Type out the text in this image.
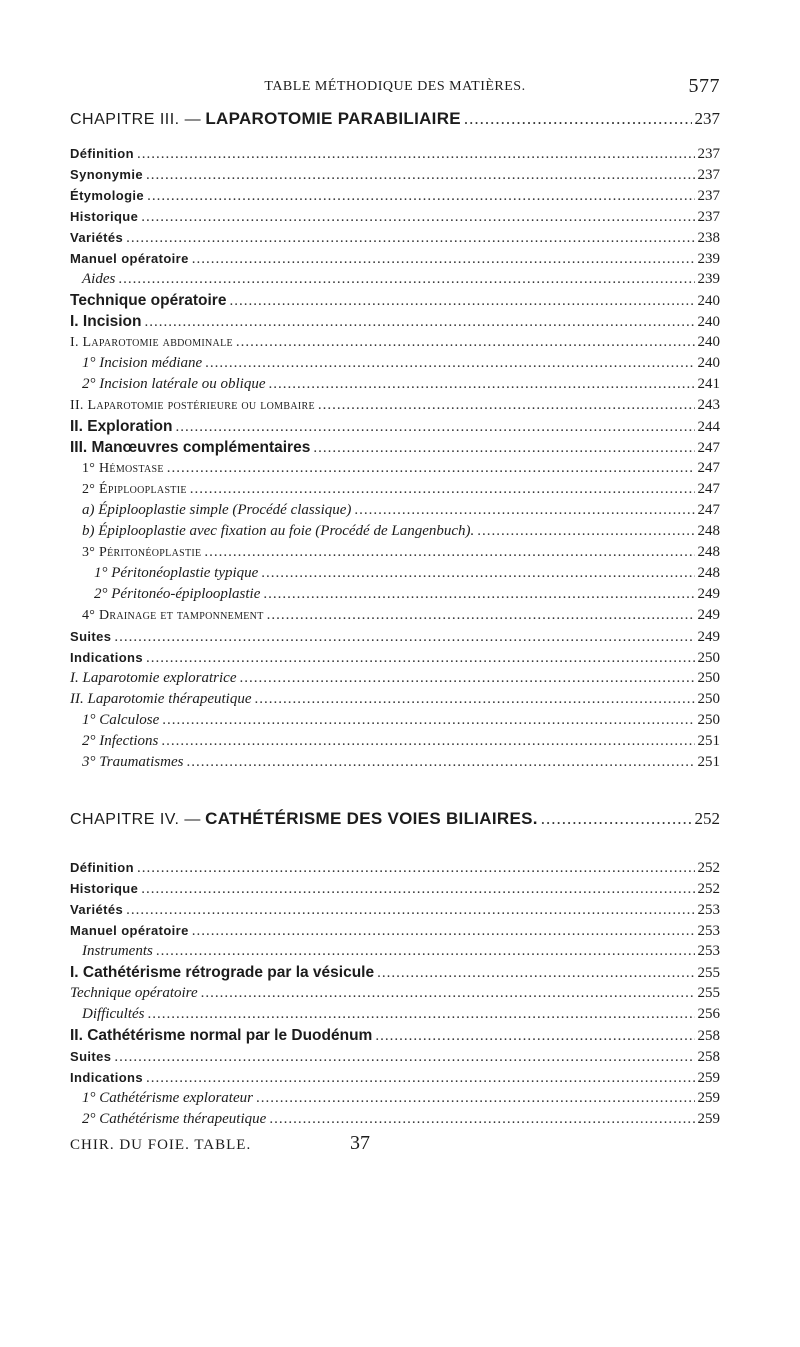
TABLE MÉTHODIQUE DES MATIÈRES.	577
CHAPITRE III. — LAPAROTOMIE PARABILIAIRE .....	237
Définition .....	237
Synonymie .....	237
Étymologie .....	237
Historique .....	237
Variétés .....	238
Manuel opératoire .....	239
Aides .....	239
Technique opératoire .....	240
I. Incision .....	240
I. Laparotomie abdominale .....	240
1° Incision médiane .....	240
2° Incision latérale ou oblique .....	241
II. Laparotomie postérieure ou lombaire .....	243
II. Exploration .....	244
III. Manœuvres complémentaires .....	247
1° Hémostase .....	247
2° Épiplooplastie .....	247
a) Épiplooplastie simple (Procédé classique) .....	247
b) Épiplooplastie avec fixation au foie (Procédé de Langenbuch). .....	248
3° Péritonéoplastie .....	248
1° Péritonéoplastie typique .....	248
2° Péritonéo-épiplooplastie .....	249
4° Drainage et tamponnement .....	249
Suites .....	249
Indications .....	250
I. Laparotomie exploratrice .....	250
II. Laparotomie thérapeutique .....	250
1° Calculose .....	250
2° Infections .....	251
3° Traumatismes .....	251
CHAPITRE IV. — CATHÉTÉRISME DES VOIES BILIAIRES. .....	252
Définition .....	252
Historique .....	252
Variétés .....	253
Manuel opératoire .....	253
Instruments .....	253
I. Cathétérisme rétrograde par la vésicule .....	255
Technique opératoire .....	255
Difficultés .....	256
II. Cathétérisme normal par le Duodénum .....	258
Suites .....	258
Indications .....	259
1° Cathétérisme explorateur .....	259
2° Cathétérisme thérapeutique .....	259
CHIR. DU FOIE. TABLE.	37
